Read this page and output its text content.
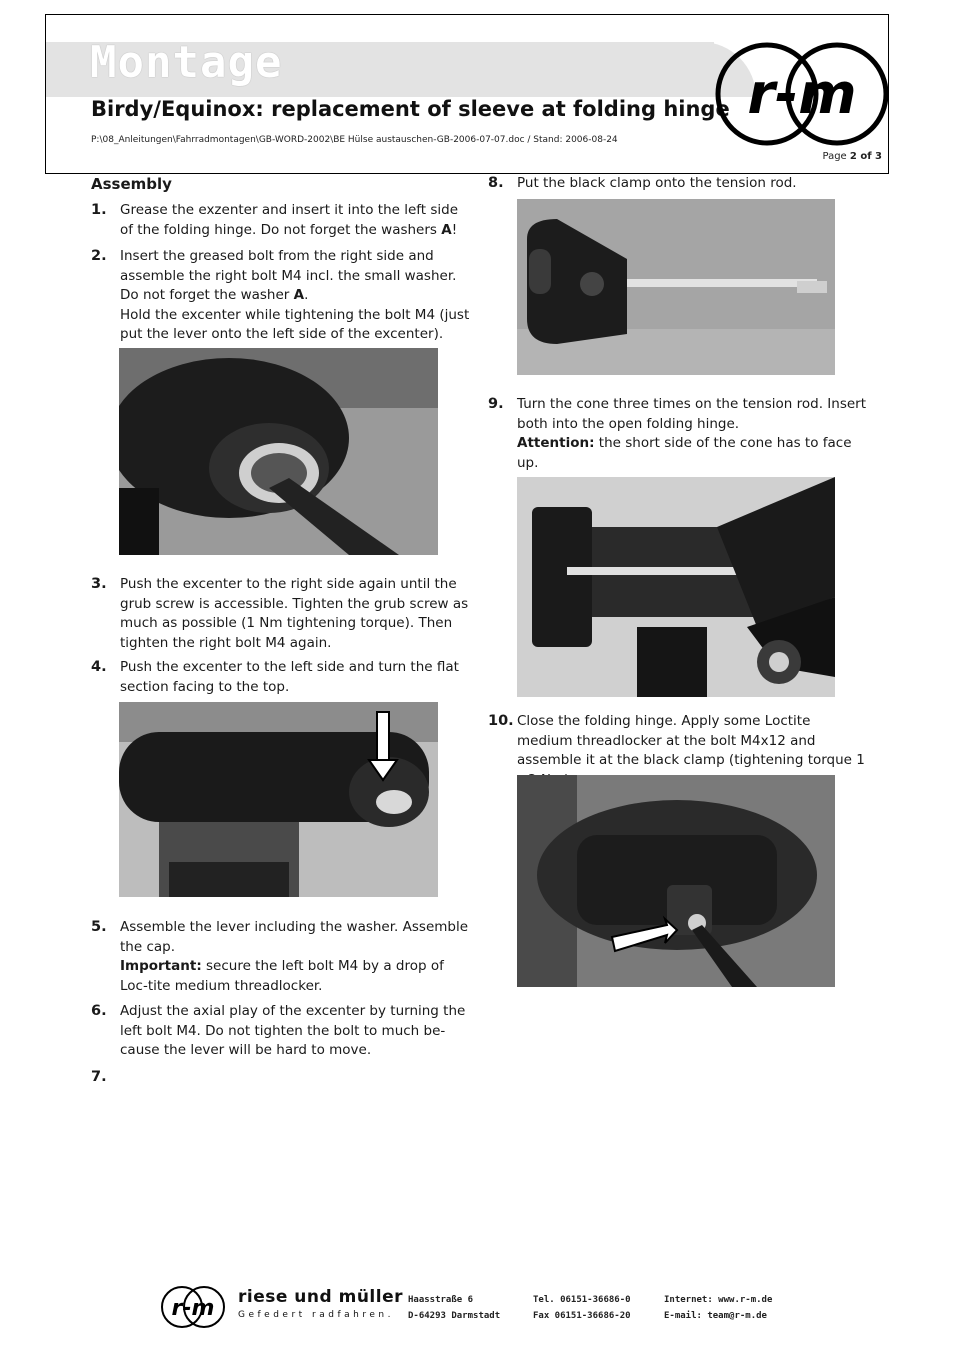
Montage
Birdy/Equinox: replacement of sleeve at folding hinge
P:\08_Anleitungen\Fahrradmontagen\GB-WORD-2002\BE Hülse austauschen-GB-2006-07-07.doc / Stand: 2006-08-24
Page 2 of 3
r-m
Assembly
1. Grease the exzenter and insert it into the left side of the folding hinge. Do not forget the washers A!

2. Insert the greased bolt from the right side and assemble the right bolt M4 incl. the small washer. Do not forget the washer A.

Hold the excenter while tightening the bolt M4 (just put the lever onto the left side of the excenter).

3. Push the excenter to the right side again until the grub screw is accessible. Tighten the grub screw as much as possible (1 Nm tightening torque). Then tighten the right bolt M4 again.

4. Push the excenter to the left side and turn the flat section facing to the top.

5. Assemble the lever including the washer. Assemble the cap.

Important: secure the left bolt M4 by a drop of Loc-tite medium threadlocker.

6. Adjust the axial play of the excenter by turning the left bolt M4. Do not tighten the bolt to much be-cause the lever will be hard to move.

7.
8. Put the black clamp onto the tension rod.

9. Turn the cone three times on the tension rod. Insert both into the open folding hinge.

Attention: the short side of the cone has to face up.

10. Close the folding hinge. Apply some Loctite medium threadlocker at the bolt M4x12 and assemble it at the black clamp (tightening torque 1

r-m riese und müller
Gefedert radfahren.
Haasstraße 6
D-64293 Darmstadt
Tel. 06151-36686-0
Fax 06151-36686-20
Internet: www.r-m.de
E-mail: team@r-m.de
